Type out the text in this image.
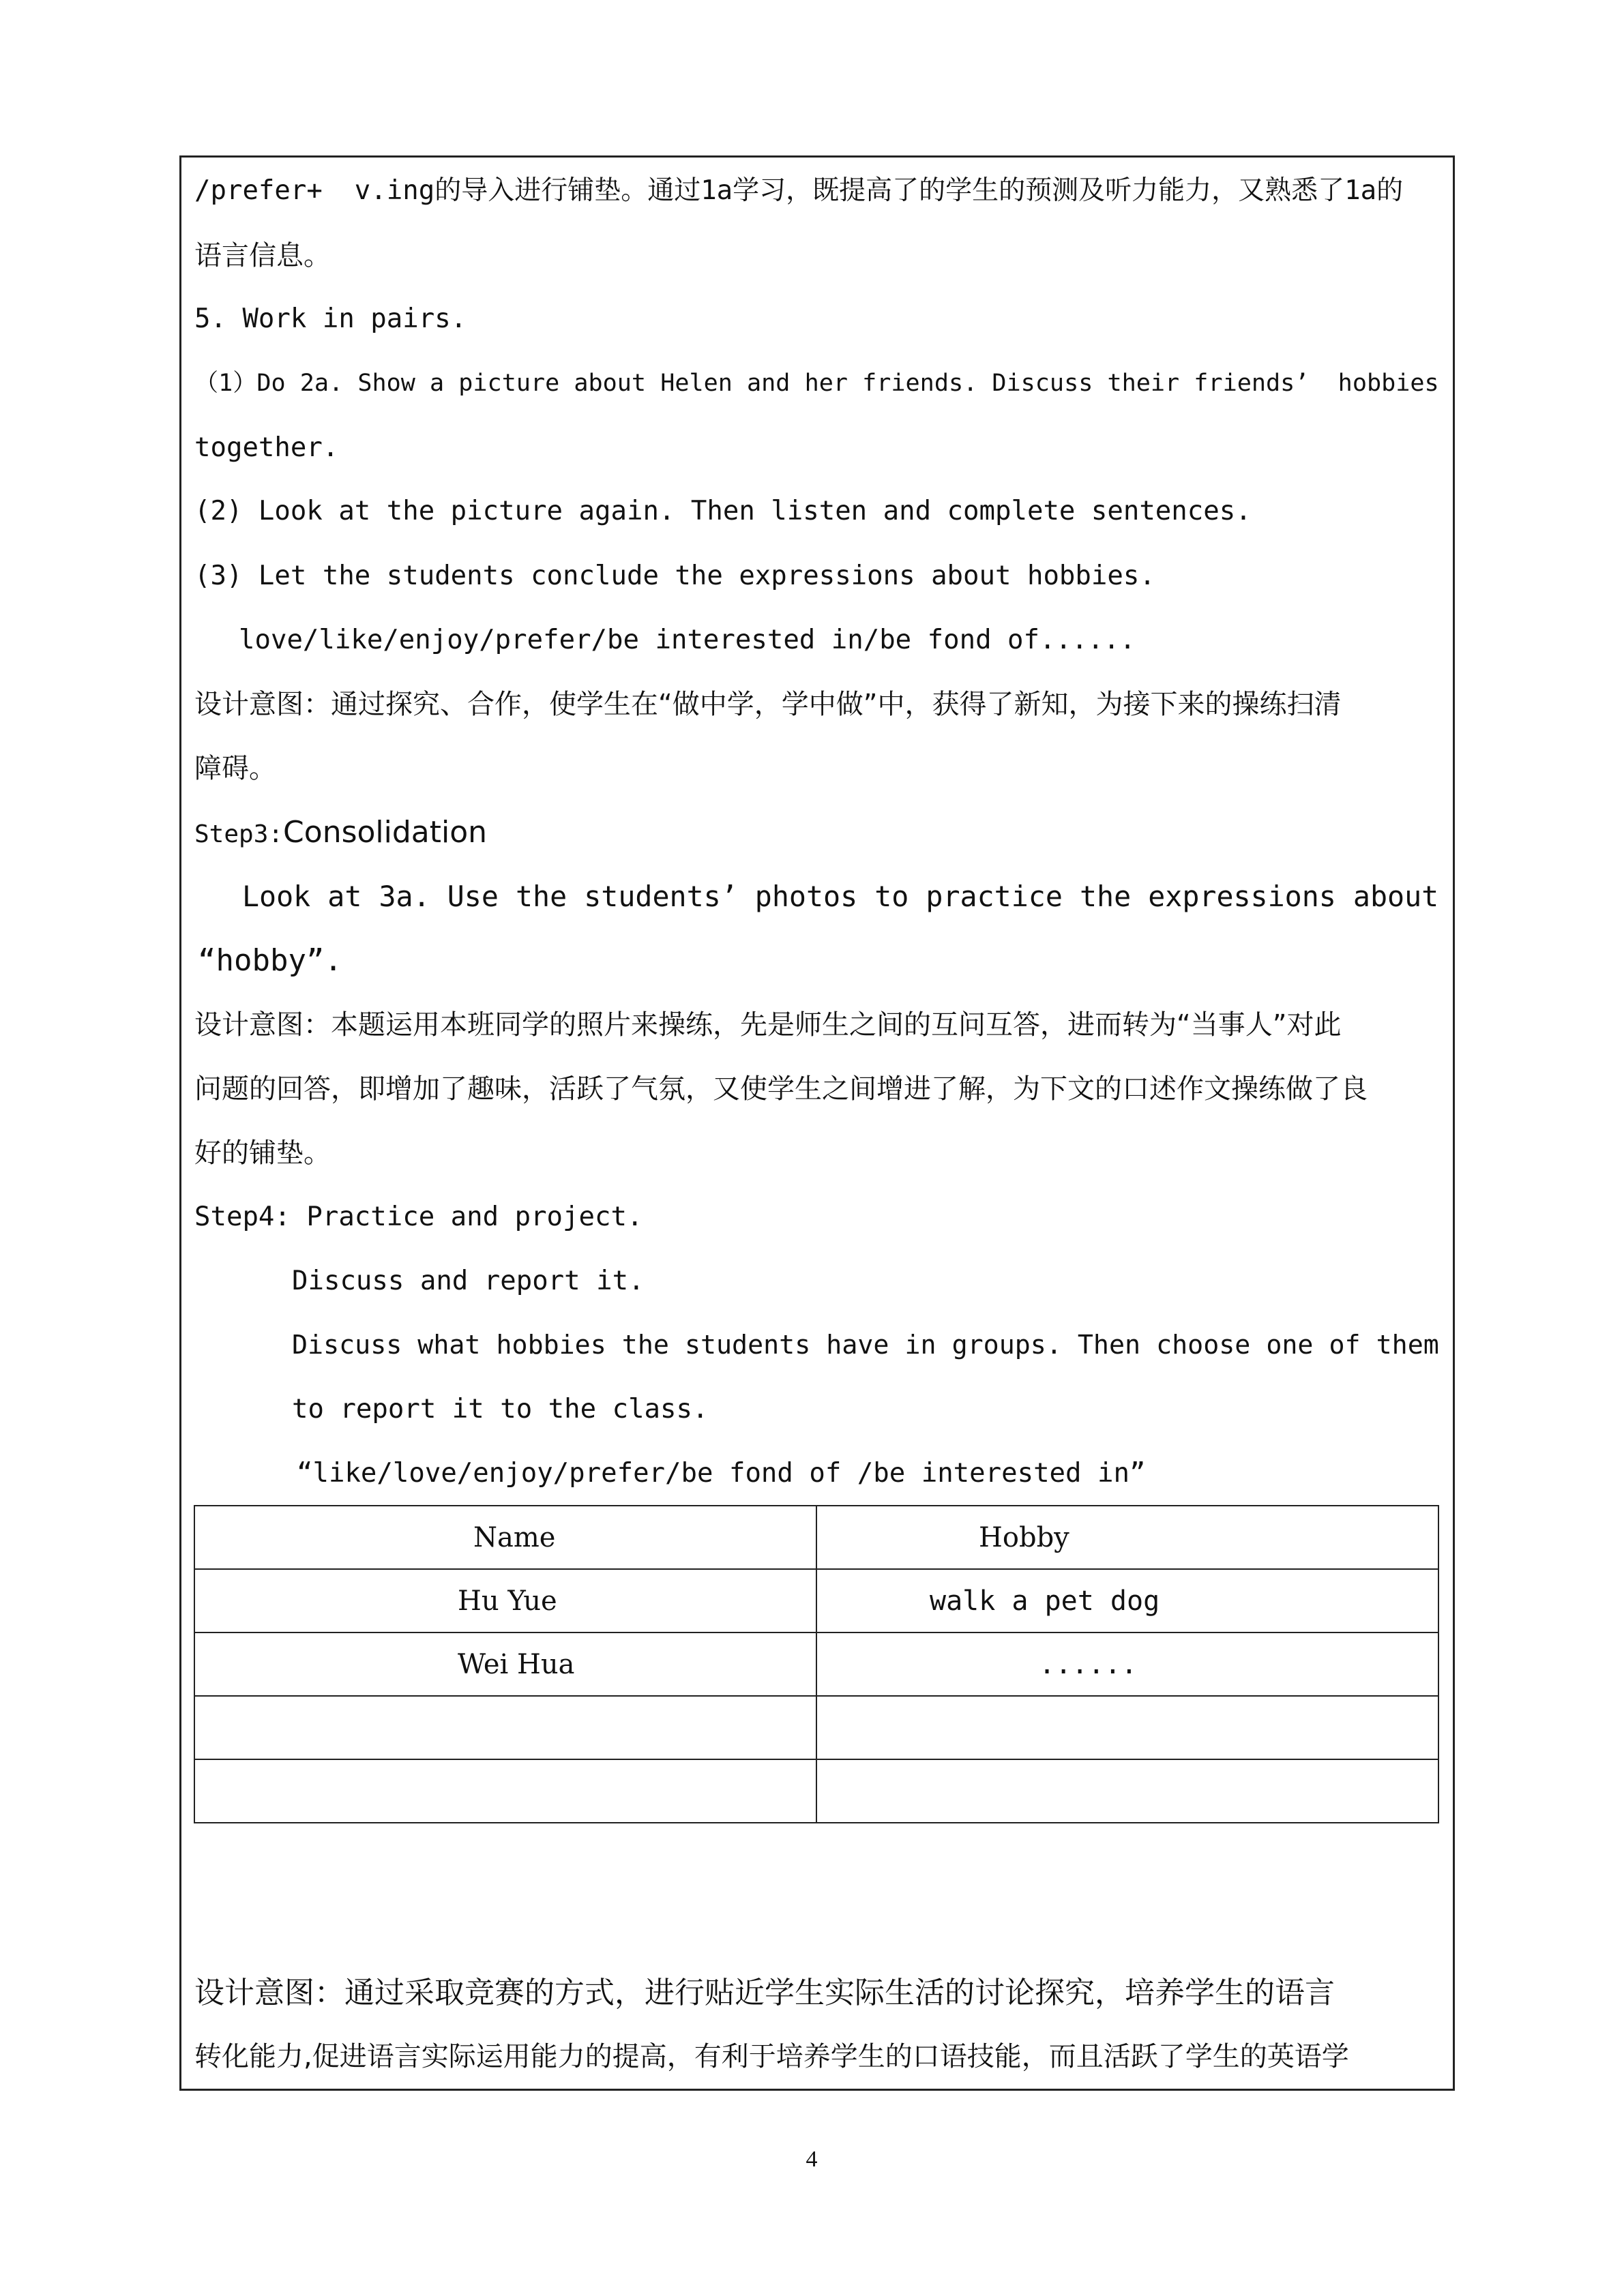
/prefer+  v.ing的导入进行铺垫。通过1a学习，既提高了的学生的预测及听力能力，又熟悉了1a的
语言信息。
5. Work in pairs.
（1）Do 2a. Show a picture about Helen and her friends. Discuss their friends’  hobbies
together.
(2) Look at the picture again. Then listen and complete sentences.
(3) Let the students conclude the expressions about hobbies.
love/like/enjoy/prefer/be interested in/be fond of......
设计意图：通过探究、合作，使学生在“做中学，学中做”中，获得了新知，为接下来的操练扫清
障碍。
Step3:Consolidation
Look at 3a. Use the students’ photos to practice the expressions about
“hobby”.
设计意图：本题运用本班同学的照片来操练，先是师生之间的互问互答，进而转为“当事人”对此
问题的回答，即增加了趣味，活跃了气氛，又使学生之间增进了解，为下文的口述作文操练做了良
好的铺垫。
Step4: Practice and project.
Discuss and report it.
Discuss what hobbies the students have in groups. Then choose one of them
to report it to the class.
“like/love/enjoy/prefer/be fond of /be interested in”
Name	Hobby
Hu Yue	walk a pet dog
Wei Hua	......

设计意图：通过采取竞赛的方式，进行贴近学生实际生活的讨论探究，培养学生的语言
转化能力,促进语言实际运用能力的提高，有利于培养学生的口语技能，而且活跃了学生的英语学
4
